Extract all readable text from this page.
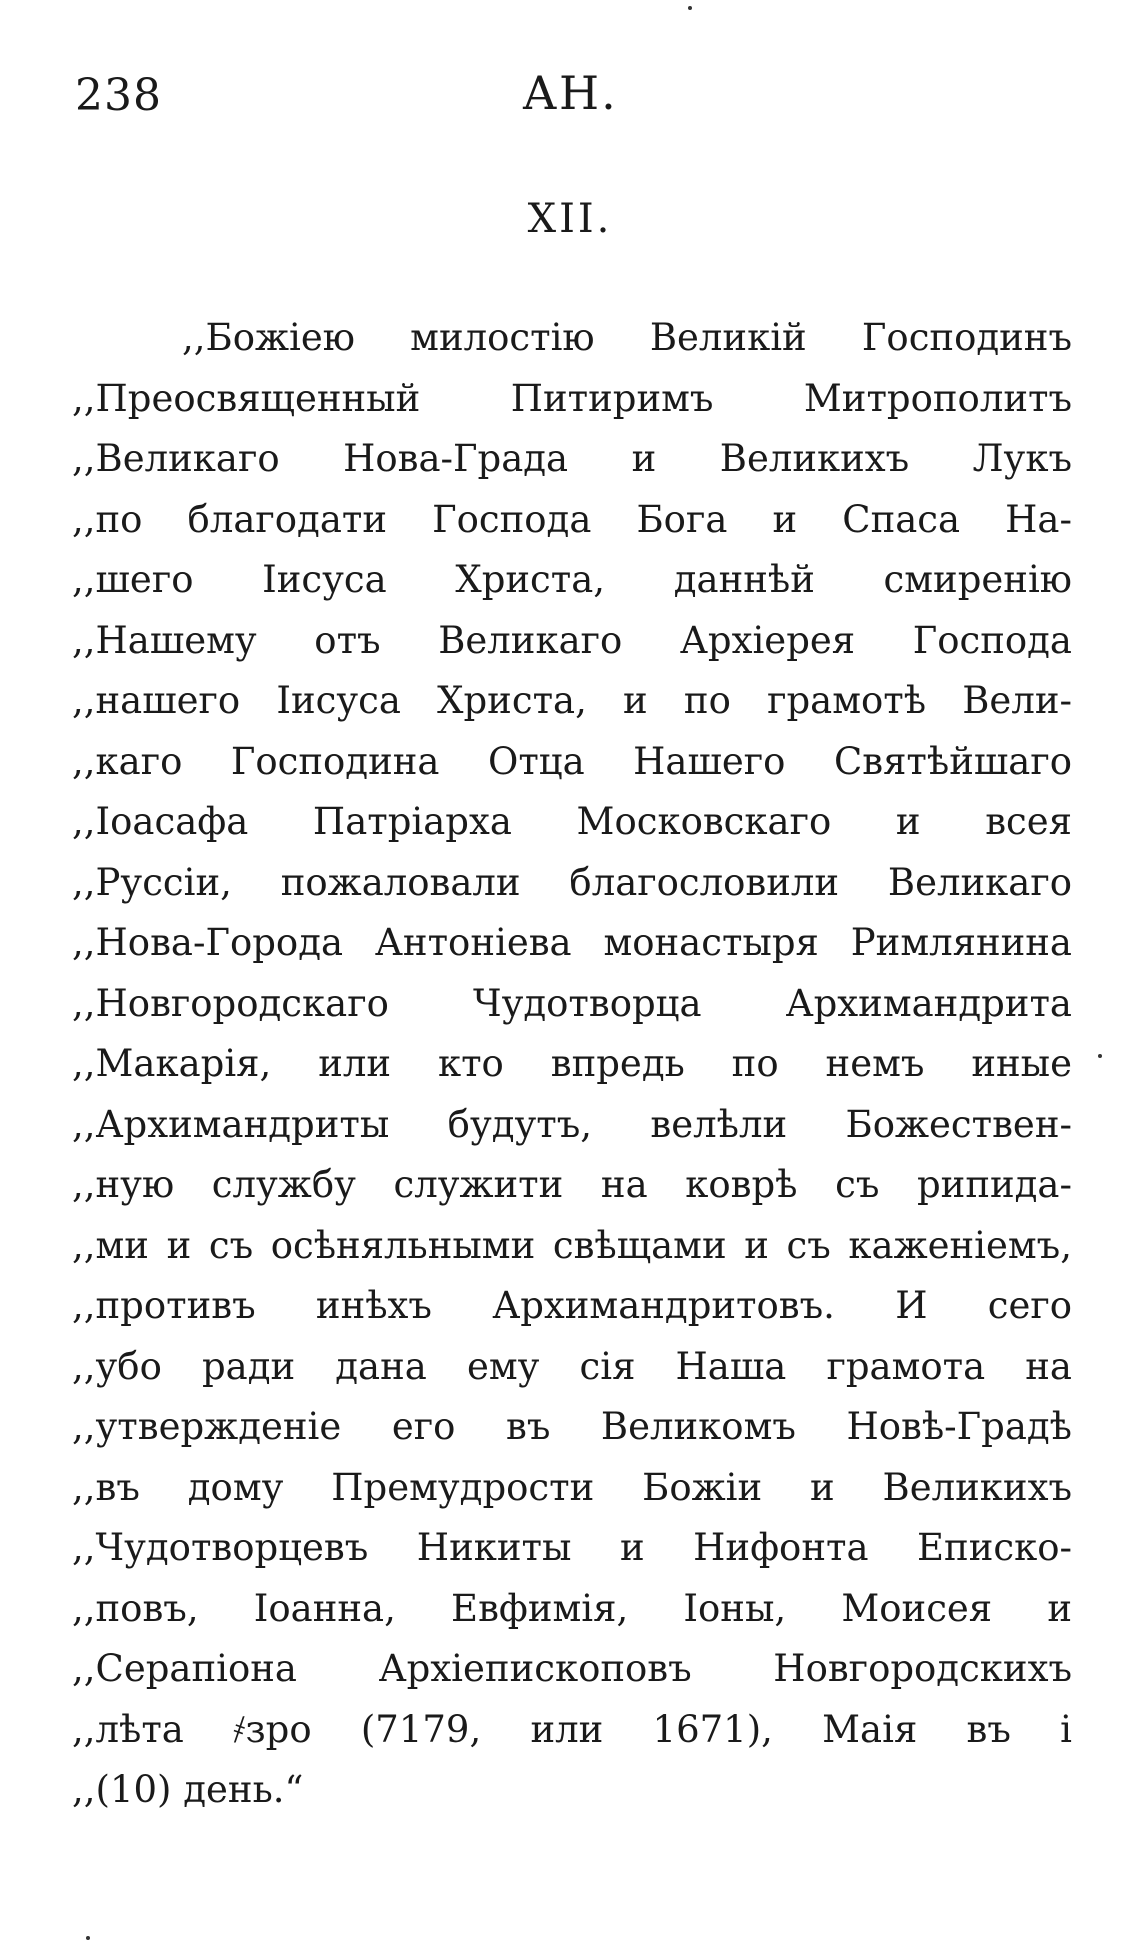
238	АН.
XII.
,,Божіею милостію Великій Господинъ
,,Преосвященный Питиримъ Митрополитъ
,,Великаго Нова-Града и Великихъ Лукъ
,,по благодати Господа Бога и Спаса На-
,,шего Іисуса Христа, даннѣй смиренію
,,Нашему отъ Великаго Архіерея Господа
,,нашего Іисуса Христа, и по грамотѣ Вели-
,,каго Господина Отца Нашего Святѣйшаго
,,Іоасафа Патріарха Московскаго и всея
,,Руссіи, пожаловали благословили Великаго
,,Нова-Города Антоніева монастыря Римлянина
,,Новгородскаго Чудотворца Архимандрита
,,Макарія, или кто впредь по немъ иные
,,Архимандриты будутъ, велѣли Божествен-
,,ную службу служити на коврѣ съ рипида-
,,ми и съ осѣняльными свѣщами и съ каженіемъ,
,,противъ инѣхъ Архимандритовъ. И сего
,,убо ради дана ему сія Наша грамота на
,,утвержденіе его въ Великомъ Новѣ-Градѣ
,,въ дому Премудрости Божіи и Великихъ
,,Чудотворцевъ Никиты и Нифонта Еписко-
,,повъ, Іоанна, Евфимія, Іоны, Моисея и
,,Серапіона Архіепископовъ Новгородскихъ
,,лѣта ҂зро (7179, или 1671), Маія въ і
,,(10) день.“
